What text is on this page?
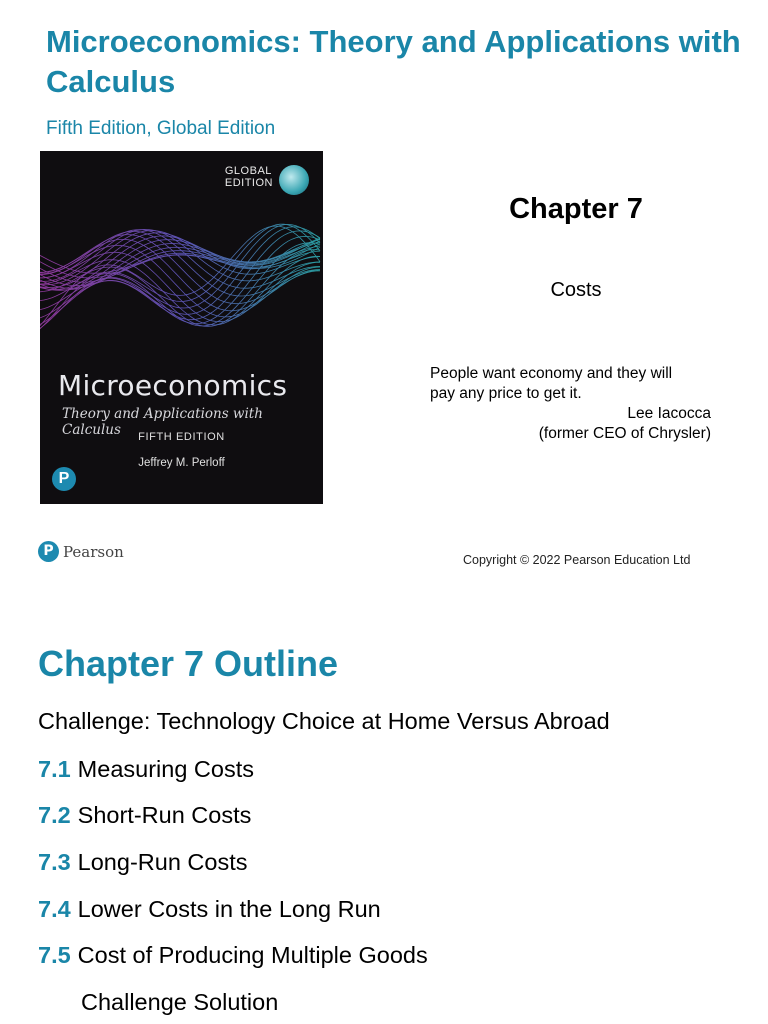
Microeconomics: Theory and Applications with Calculus
Fifth Edition, Global Edition
GLOBAL
EDITION
Microeconomics
Theory and Applications with Calculus	FIFTH EDITION
Jeffrey M. Perloff
P
Chapter 7
Costs
People want economy and they will
pay any price to get it.
Lee Iacocca
(former CEO of Chrysler)
P Pearson	Copyright © 2022 Pearson Education Ltd
Chapter 7 Outline
Challenge: Technology Choice at Home Versus Abroad
7.1 Measuring Costs
7.2 Short-Run Costs
7.3 Long-Run Costs
7.4 Lower Costs in the Long Run
7.5 Cost of Producing Multiple Goods
Challenge Solution
